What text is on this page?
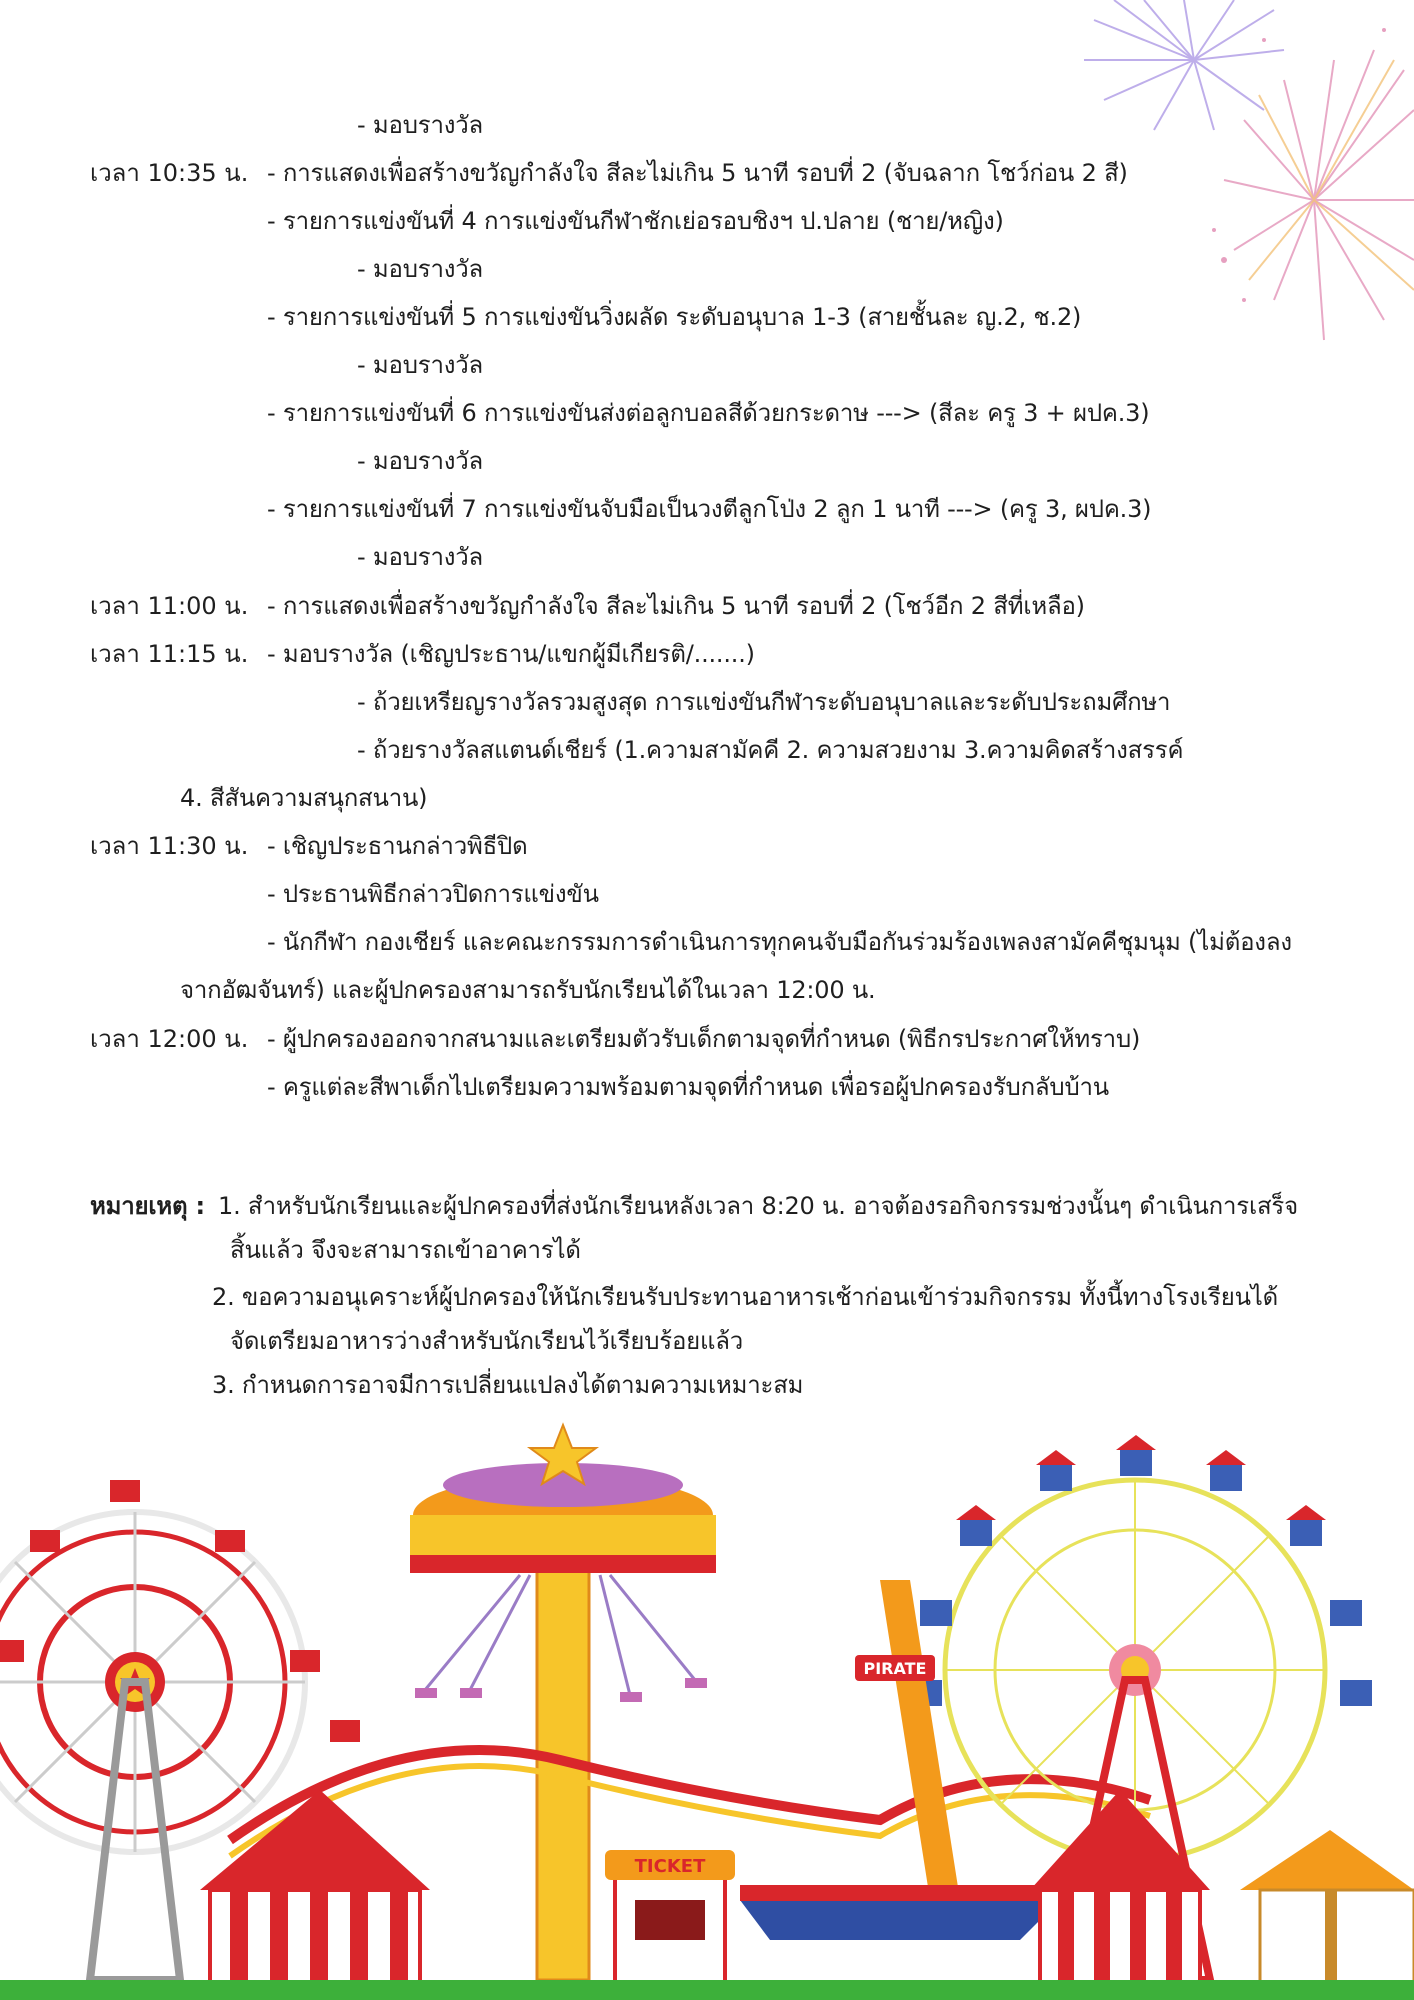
- มอบรางวัล
เวลา 10:35 น. - การแสดงเพื่อสร้างขวัญกำลังใจ สีละไม่เกิน 5 นาที รอบที่ 2 (จับฉลาก โชว์ก่อน 2 สี)
- รายการแข่งขันที่ 4 การแข่งขันกีฬาชักเย่อรอบชิงฯ ป.ปลาย (ชาย/หญิง)
- มอบรางวัล
- รายการแข่งขันที่ 5 การแข่งขันวิ่งผลัด ระดับอนุบาล 1-3 (สายชั้นละ ญ.2, ช.2)
- มอบรางวัล
- รายการแข่งขันที่ 6 การแข่งขันส่งต่อลูกบอลสีด้วยกระดาษ ---> (สีละ ครู 3 + ผปค.3)
- มอบรางวัล
- รายการแข่งขันที่ 7 การแข่งขันจับมือเป็นวงตีลูกโป่ง 2 ลูก 1 นาที ---> (ครู 3, ผปค.3)
- มอบรางวัล
เวลา 11:00 น. - การแสดงเพื่อสร้างขวัญกำลังใจ สีละไม่เกิน 5 นาที รอบที่ 2 (โชว์อีก 2 สีที่เหลือ)
เวลา 11:15 น. - มอบรางวัล (เชิญประธาน/แขกผู้มีเกียรติ/.......)
- ถ้วยเหรียญรางวัลรวมสูงสุด การแข่งขันกีฬาระดับอนุบาลและระดับประถมศึกษา
- ถ้วยรางวัลสแตนด์เชียร์ (1.ความสามัคคี 2. ความสวยงาม 3.ความคิดสร้างสรรค์
4. สีสันความสนุกสนาน)
เวลา 11:30 น. - เชิญประธานกล่าวพิธีปิด
- ประธานพิธีกล่าวปิดการแข่งขัน
- นักกีฬา กองเชียร์ และคณะกรรมการดำเนินการทุกคนจับมือกันร่วมร้องเพลงสามัคคีชุมนุม (ไม่ต้องลง
จากอัฒจันทร์) และผู้ปกครองสามารถรับนักเรียนได้ในเวลา 12:00 น.
เวลา 12:00 น. - ผู้ปกครองออกจากสนามและเตรียมตัวรับเด็กตามจุดที่กำหนด (พิธีกรประกาศให้ทราบ)
- ครูแต่ละสีพาเด็กไปเตรียมความพร้อมตามจุดที่กำหนด เพื่อรอผู้ปกครองรับกลับบ้าน
หมายเหตุ : 1. สำหรับนักเรียนและผู้ปกครองที่ส่งนักเรียนหลังเวลา 8:20 น. อาจต้องรอกิจกรรมช่วงนั้นๆ ดำเนินการเสร็จ
สิ้นแล้ว จึงจะสามารถเข้าอาคารได้
2. ขอความอนุเคราะห์ผู้ปกครองให้นักเรียนรับประทานอาหารเช้าก่อนเข้าร่วมกิจกรรม ทั้งนี้ทางโรงเรียนได้
จัดเตรียมอาหารว่างสำหรับนักเรียนไว้เรียบร้อยแล้ว
3. กำหนดการอาจมีการเปลี่ยนแปลงได้ตามความเหมาะสม
PIRATE
TICKET
